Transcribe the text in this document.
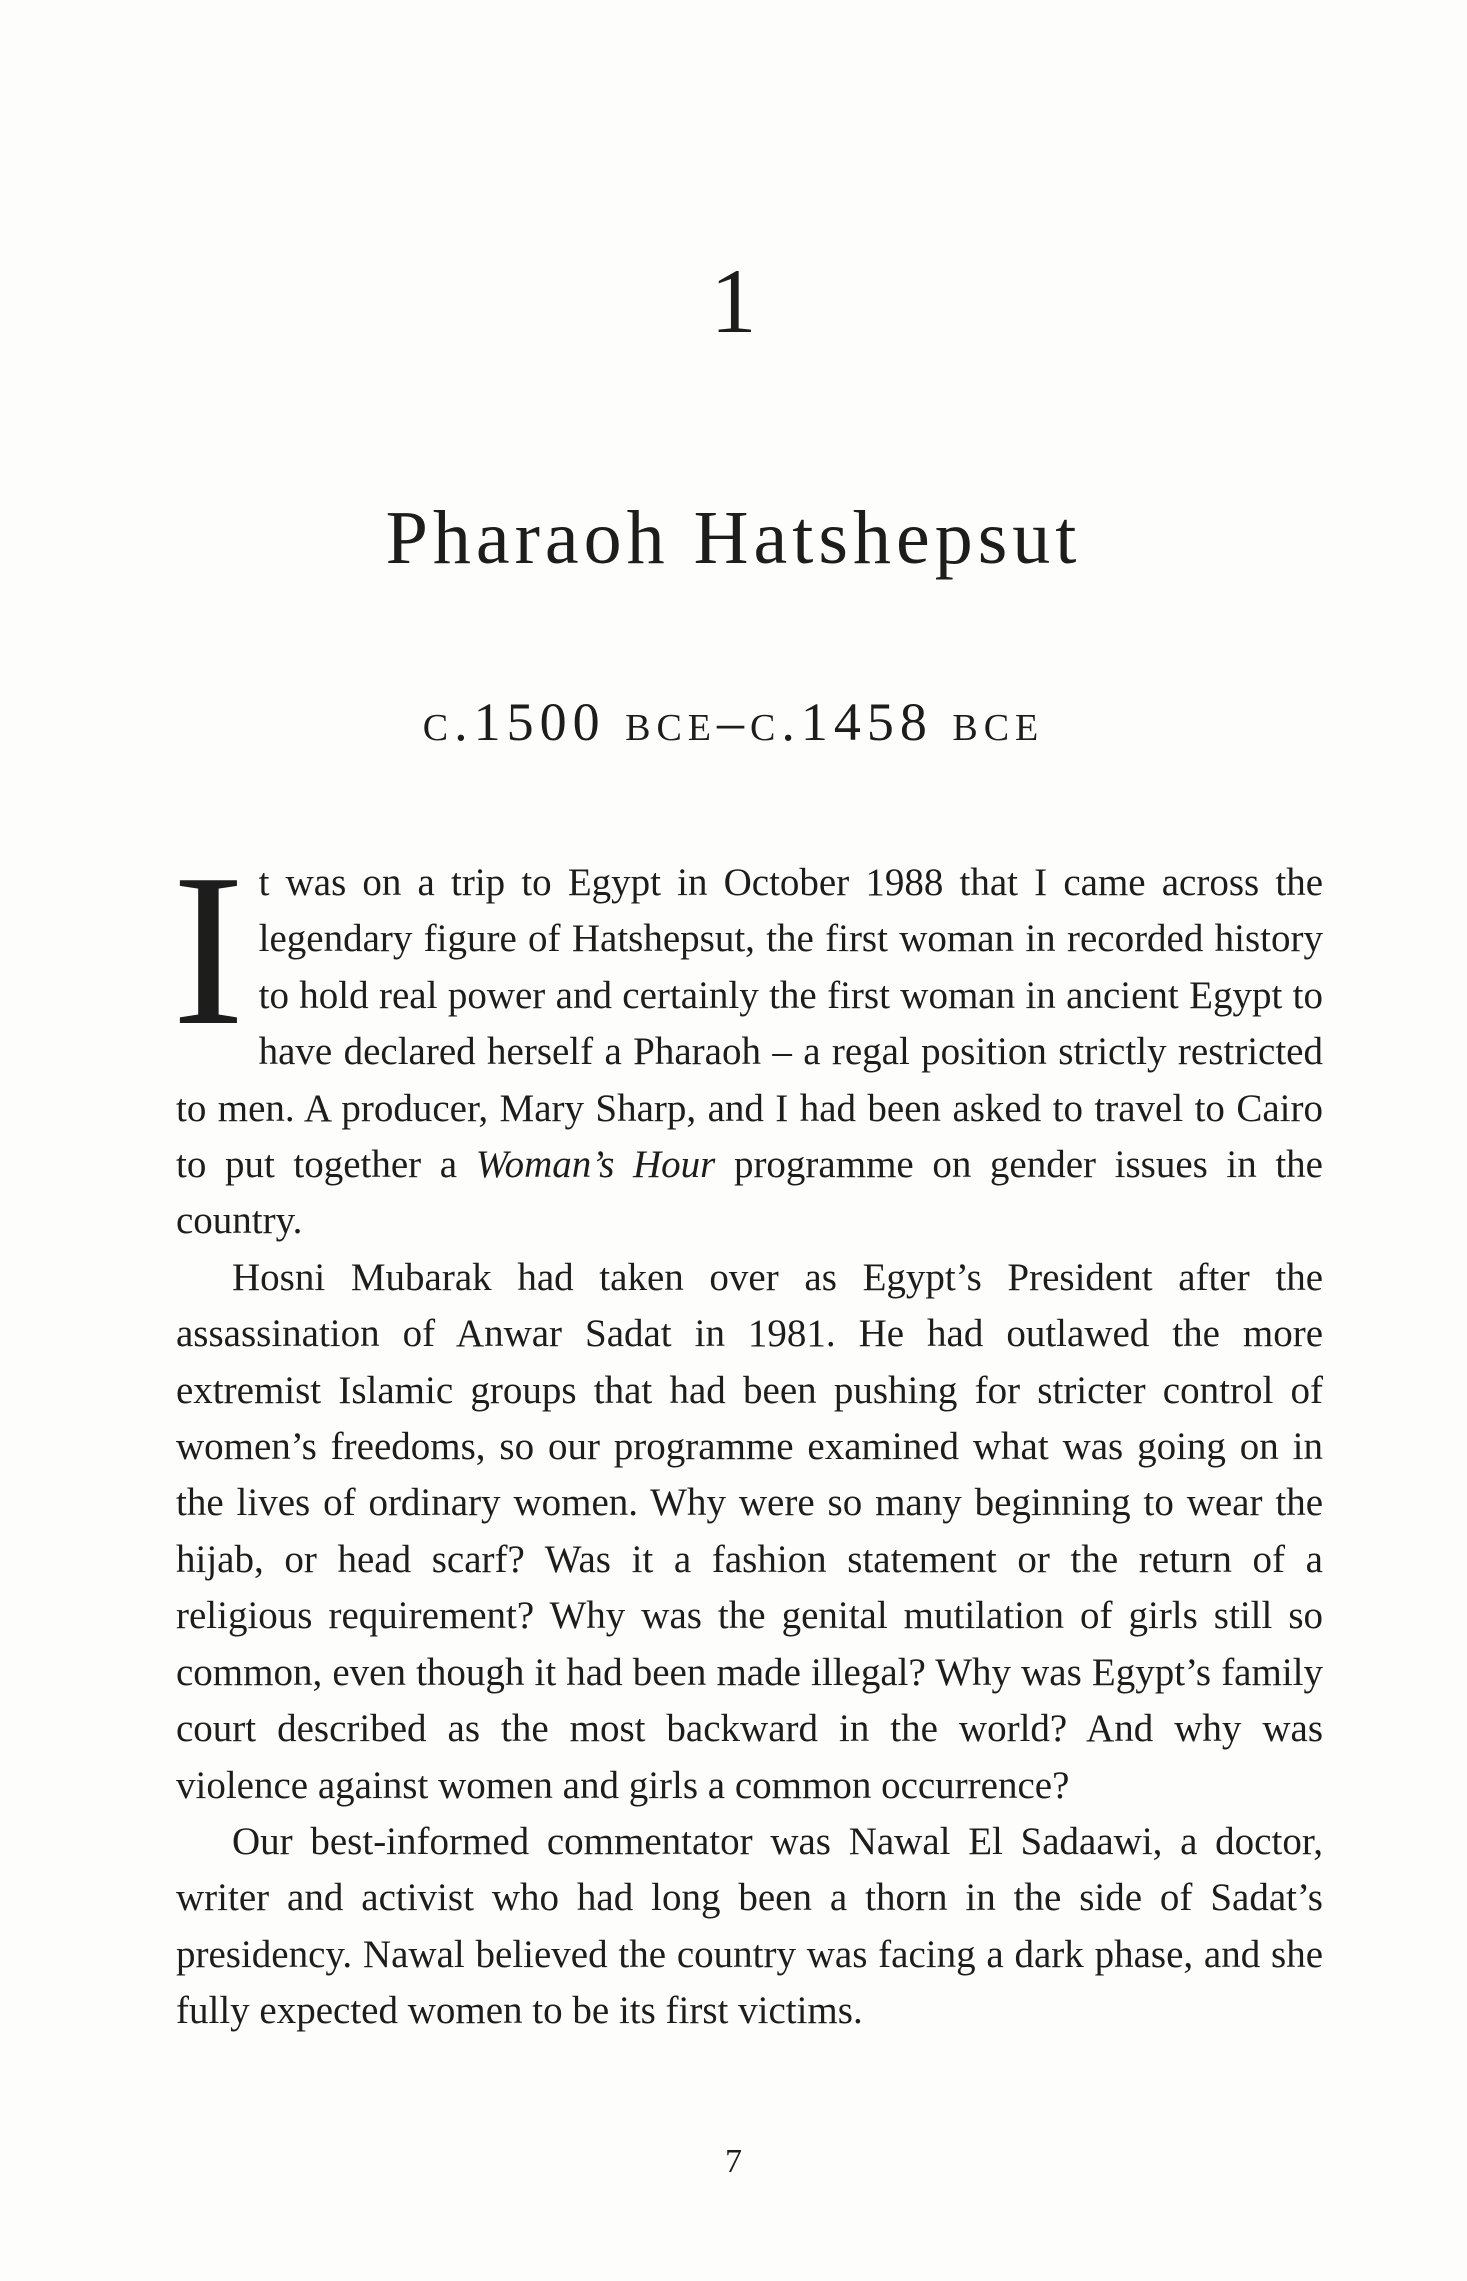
1
Pharaoh Hatshepsut
c.1500 bce–c.1458 bce

It was on a trip to Egypt in October 1988 that I came across the legendary figure of Hatshepsut, the first woman in recorded history to hold real power and certainly the first woman in ancient Egypt to have declared herself a Pharaoh – a regal position strictly restricted to men. A producer, Mary Sharp, and I had been asked to travel to Cairo to put together a Woman’s Hour programme on gender issues in the country.

Hosni Mubarak had taken over as Egypt’s President after the assassination of Anwar Sadat in 1981. He had outlawed the more extremist Islamic groups that had been pushing for stricter control of women’s freedoms, so our programme examined what was going on in the lives of ordinary women. Why were so many beginning to wear the hijab, or head scarf? Was it a fashion statement or the return of a religious requirement? Why was the genital mutilation of girls still so common, even though it had been made illegal? Why was Egypt’s family court described as the most backward in the world? And why was violence against women and girls a common occurrence?

Our best-informed commentator was Nawal El Sadaawi, a doctor, writer and activist who had long been a thorn in the side of Sadat’s presidency. Nawal believed the country was facing a dark phase, and she fully expected women to be its first victims.

7
